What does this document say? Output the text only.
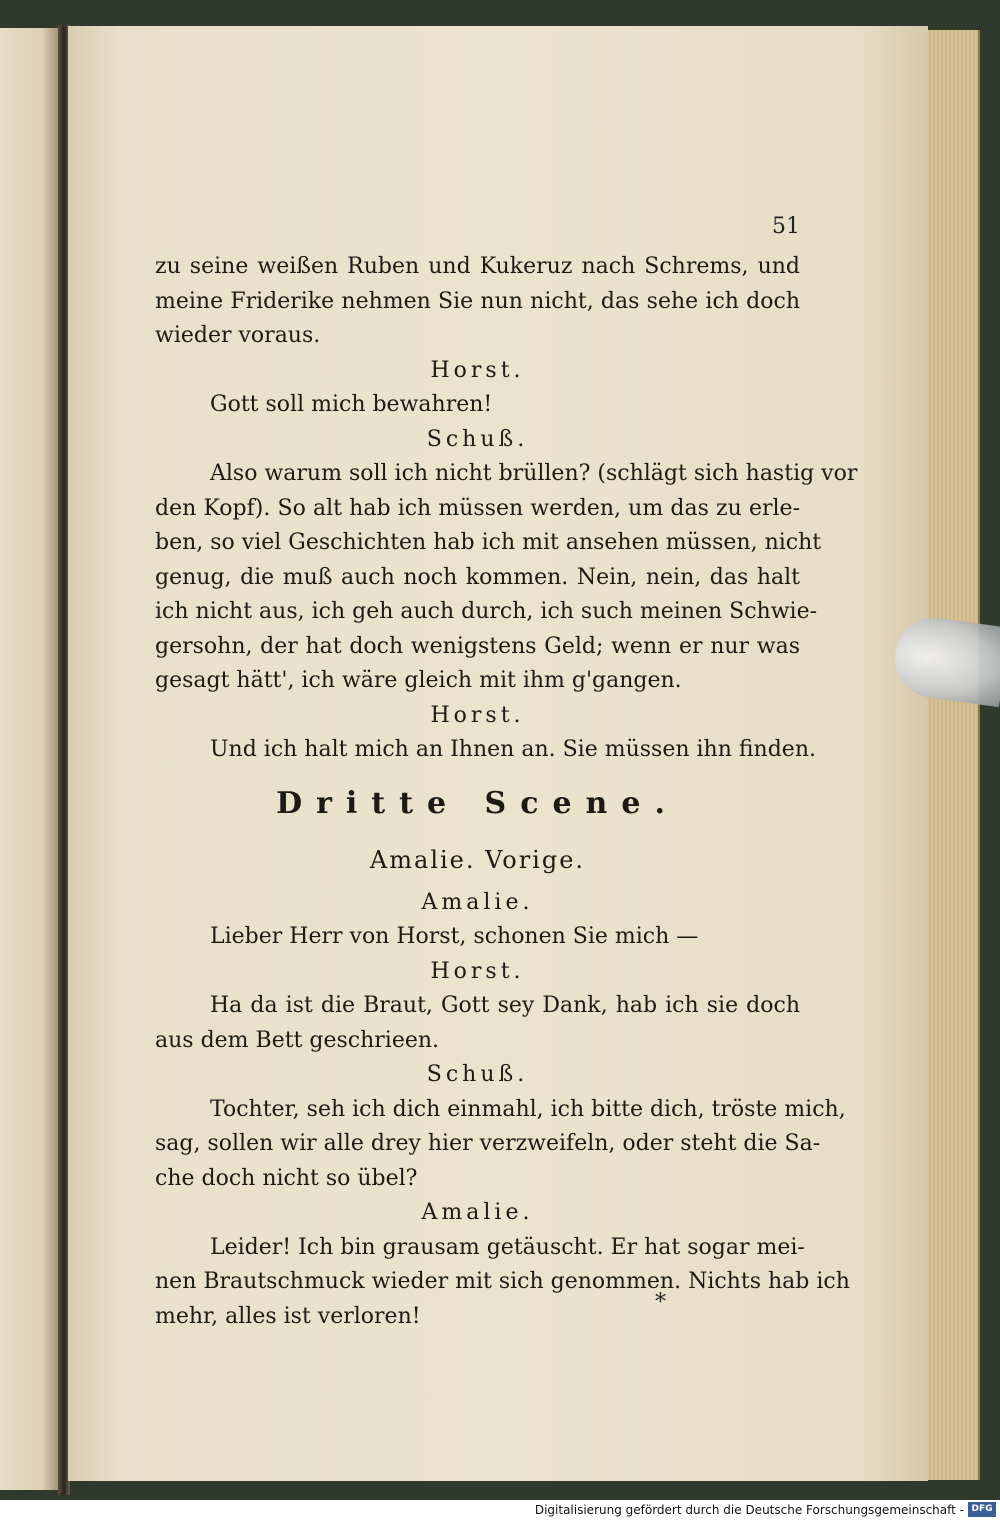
51
zu seine weißen Ruben und Kukeruz nach Schrems, und
meine Friderike nehmen Sie nun nicht, das sehe ich doch
wieder voraus.
Horst.
Gott soll mich bewahren!
Schuß.
Also warum soll ich nicht brüllen? (schlägt sich hastig vor
den Kopf). So alt hab ich müssen werden, um das zu erle-
ben, so viel Geschichten hab ich mit ansehen müssen, nicht
genug, die muß auch noch kommen. Nein, nein, das halt
ich nicht aus, ich geh auch durch, ich such meinen Schwie-
gersohn, der hat doch wenigstens Geld; wenn er nur was
gesagt hätt', ich wäre gleich mit ihm g'gangen.
Horst.
Und ich halt mich an Ihnen an. Sie müssen ihn finden.
Dritte Scene.
Amalie. Vorige.
Amalie.
Lieber Herr von Horst, schonen Sie mich —
Horst.
Ha da ist die Braut, Gott sey Dank, hab ich sie doch
aus dem Bett geschrieen.
Schuß.
Tochter, seh ich dich einmahl, ich bitte dich, tröste mich,
sag, sollen wir alle drey hier verzweifeln, oder steht die Sa-
che doch nicht so übel?
Amalie.
Leider! Ich bin grausam getäuscht. Er hat sogar mei-
nen Brautschmuck wieder mit sich genommen. Nichts hab ich
mehr, alles ist verloren!
*
Digitalisierung gefördert durch die Deutsche Forschungsgemeinschaft - DFG
